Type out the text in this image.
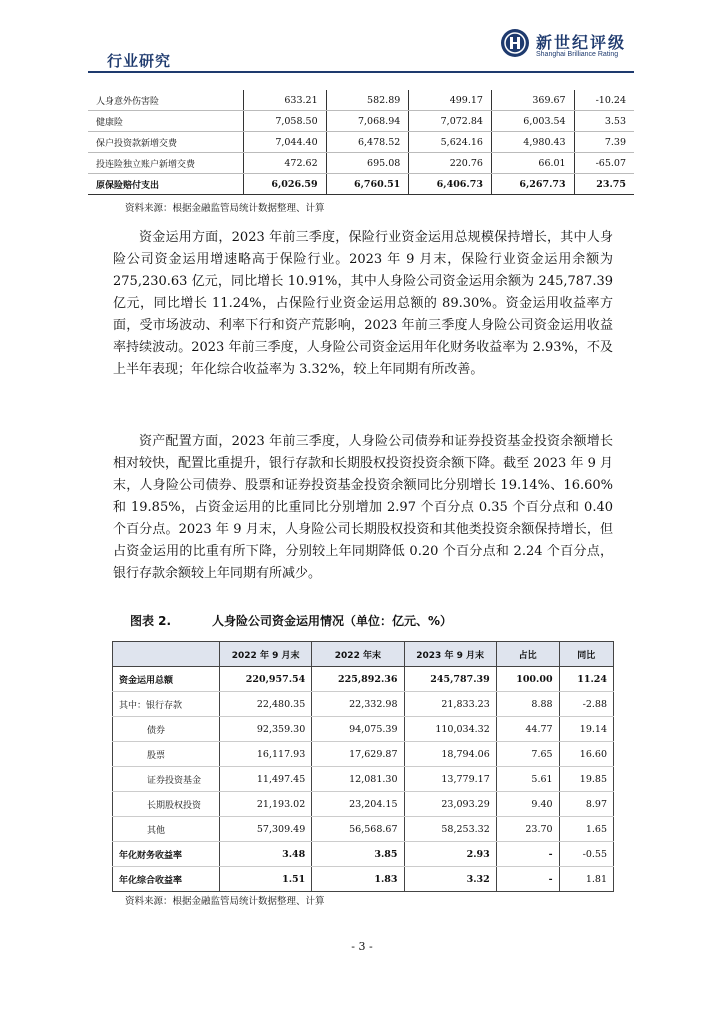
行业研究
新世纪评级
Shanghai Brilliance Rating
人身意外伤害险	633.21	582.89	499.17	369.67	-10.24
健康险	7,058.50	7,068.94	7,072.84	6,003.54	3.53
保户投资款新增交费	7,044.40	6,478.52	5,624.16	4,980.43	7.39
投连险独立账户新增交费	472.62	695.08	220.76	66.01	-65.07
原保险赔付支出	6,026.59	6,760.51	6,406.73	6,267.73	23.75
资料来源：根据金融监管局统计数据整理、计算
资金运用方面，2023 年前三季度，保险行业资金运用总规模保持增长，其中人身险公司资金运用增速略高于保险行业。2023 年 9 月末，保险行业资金运用余额为 275,230.63 亿元，同比增长 10.91%，其中人身险公司资金运用余额为 245,787.39 亿元，同比增长 11.24%，占保险行业资金运用总额的 89.30%。资金运用收益率方面，受市场波动、利率下行和资产荒影响，2023 年前三季度人身险公司资金运用收益率持续波动。2023 年前三季度，人身险公司资金运用年化财务收益率为 2.93%，不及上半年表现；年化综合收益率为 3.32%，较上年同期有所改善。
资产配置方面，2023 年前三季度，人身险公司债券和证券投资基金投资余额增长相对较快，配置比重提升，银行存款和长期股权投资投资余额下降。截至 2023 年 9 月末，人身险公司债券、股票和证券投资基金投资余额同比分别增长 19.14%、16.60%和 19.85%，占资金运用的比重同比分别增加 2.97 个百分点 0.35 个百分点和 0.40 个百分点。2023 年 9 月末，人身险公司长期股权投资和其他类投资余额保持增长，但占资金运用的比重有所下降，分别较上年同期降低 0.20 个百分点和 2.24 个百分点，银行存款余额较上年同期有所减少。
图表 2.	人身险公司资金运用情况（单位：亿元、%）
	2022 年 9 月末	2022 年末	2023 年 9 月末	占比	同比
资金运用总额	220,957.54	225,892.36	245,787.39	100.00	11.24
其中：银行存款	22,480.35	22,332.98	21,833.23	8.88	-2.88
债券	92,359.30	94,075.39	110,034.32	44.77	19.14
股票	16,117.93	17,629.87	18,794.06	7.65	16.60
证券投资基金	11,497.45	12,081.30	13,779.17	5.61	19.85
长期股权投资	21,193.02	23,204.15	23,093.29	9.40	8.97
其他	57,309.49	56,568.67	58,253.32	23.70	1.65
年化财务收益率	3.48	3.85	2.93	-	-0.55
年化综合收益率	1.51	1.83	3.32	-	1.81
资料来源：根据金融监管局统计数据整理、计算
- 3 -
